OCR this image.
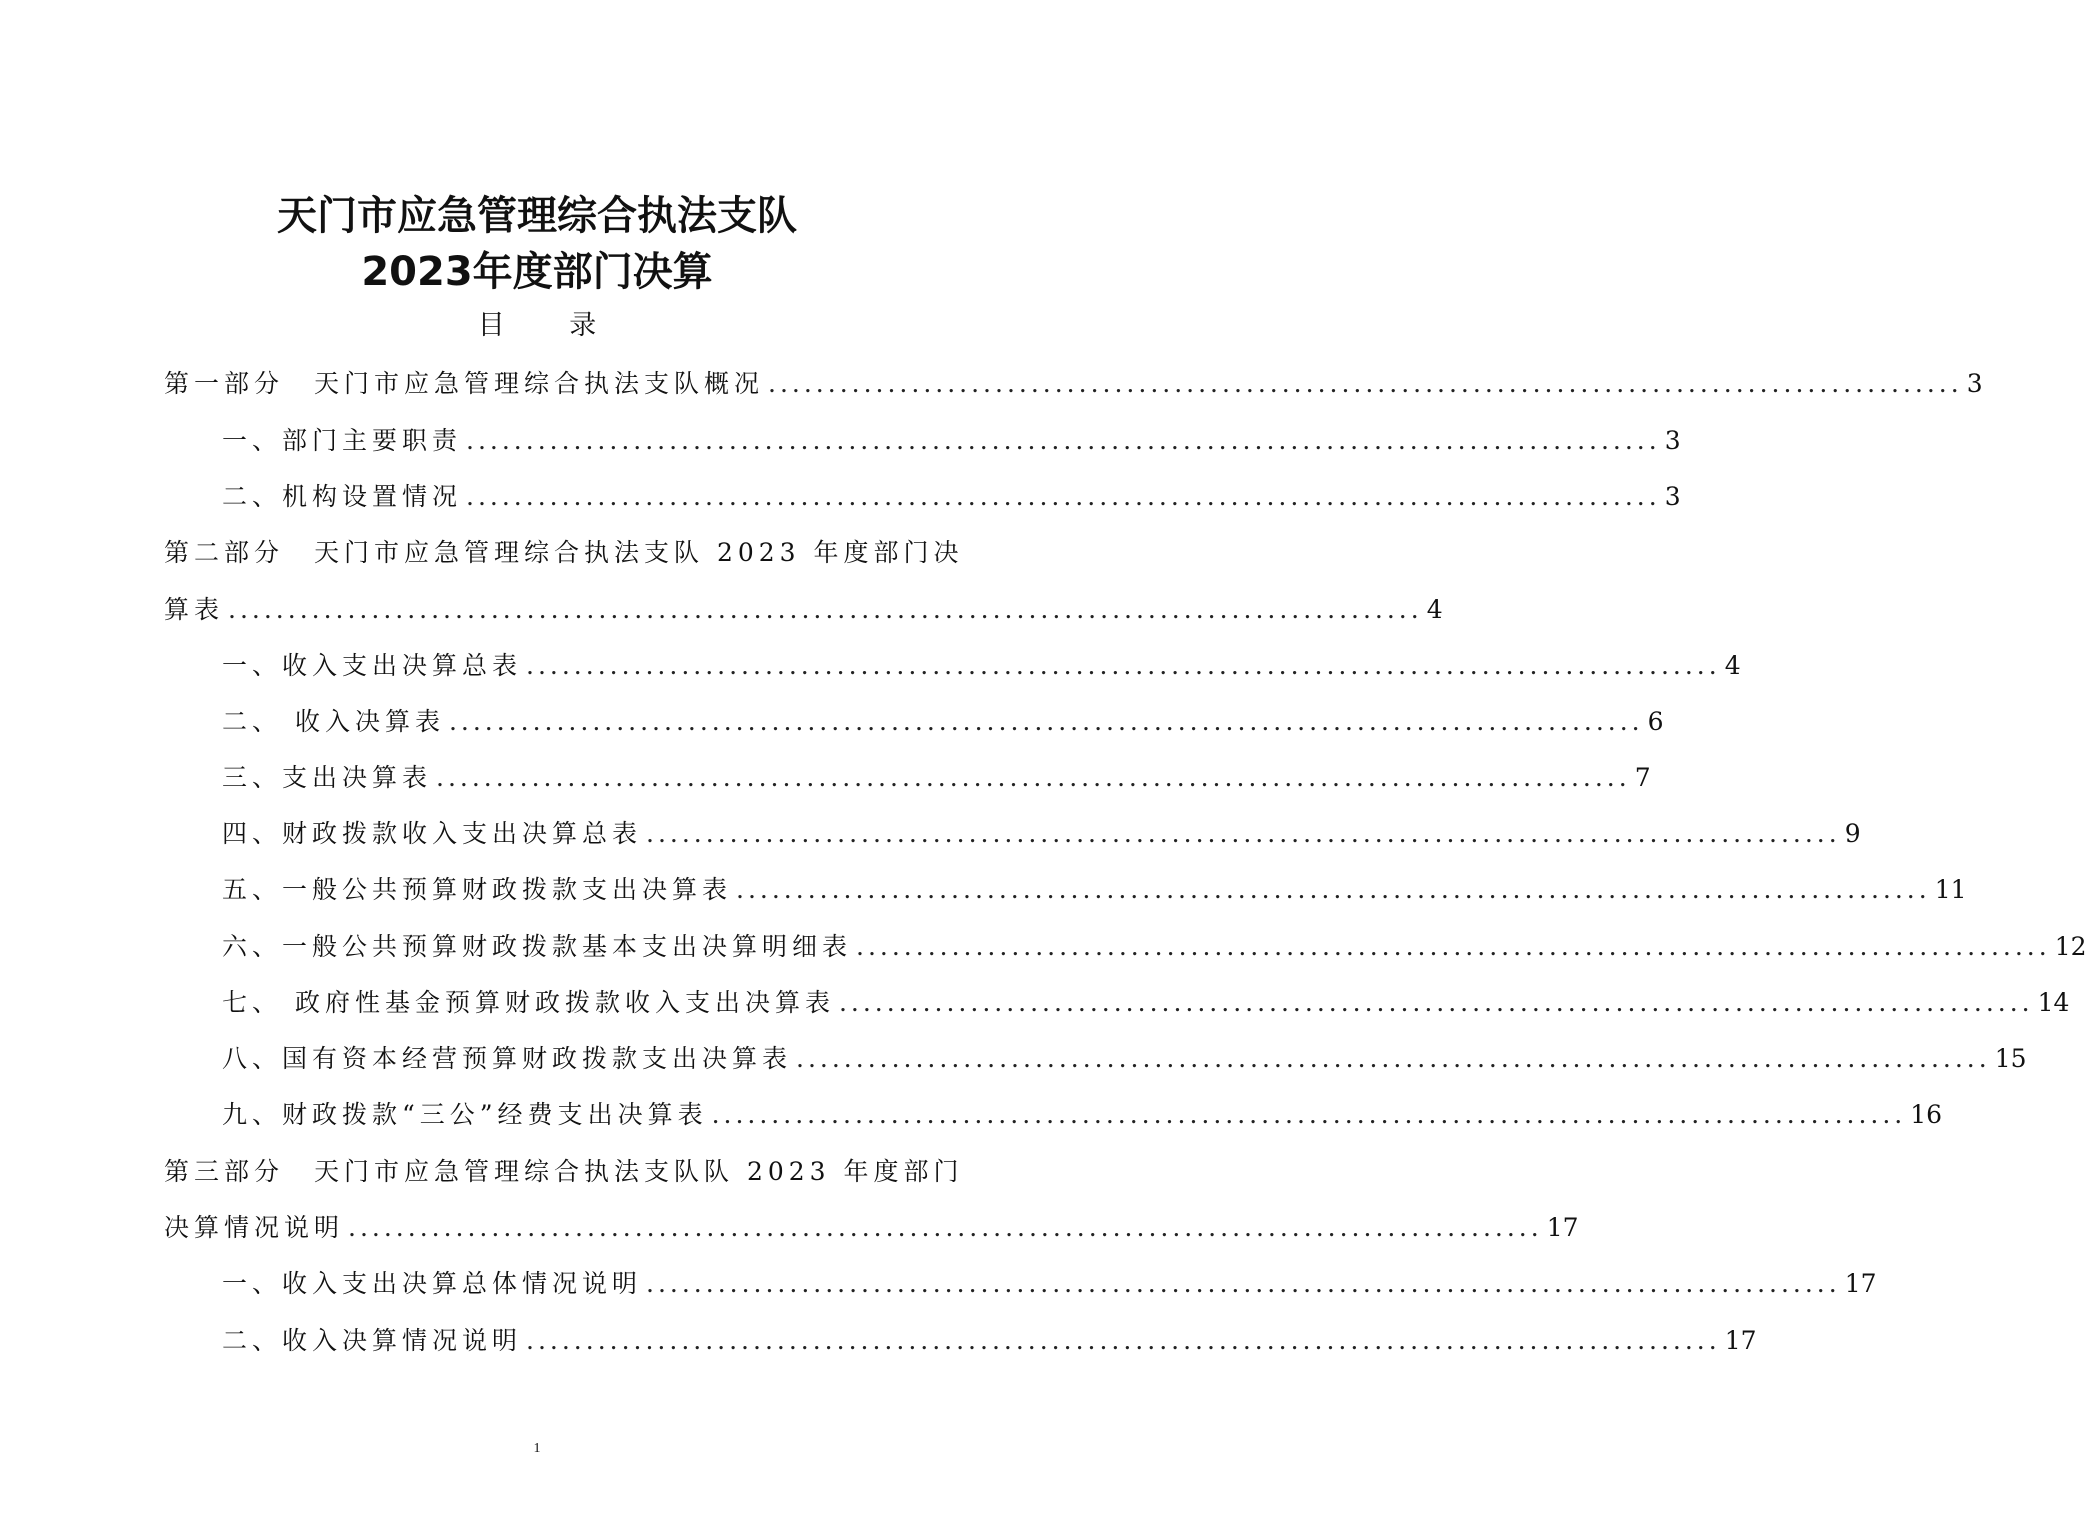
天门市应急管理综合执法支队
2023年度部门决算
目 录
第一部分　天门市应急管理综合执法支队概况 .................................................................................................... 3
一、部门主要职责 .................................................................................................... 3
二、机构设置情况 .................................................................................................... 3
第二部分　天门市应急管理综合执法支队 2023 年度部门决
算表 .................................................................................................... 4
一、收入支出决算总表 .................................................................................................... 4
二、 收入决算表 .................................................................................................... 6
三、支出决算表 .................................................................................................... 7
四、财政拨款收入支出决算总表 .................................................................................................... 9
五、一般公共预算财政拨款支出决算表 .................................................................................................... 11
六、一般公共预算财政拨款基本支出决算明细表 .................................................................................................... 12
七、 政府性基金预算财政拨款收入支出决算表 .................................................................................................... 14
八、国有资本经营预算财政拨款支出决算表 .................................................................................................... 15
九、财政拨款“三公”经费支出决算表 .................................................................................................... 16
第三部分　天门市应急管理综合执法支队队 2023 年度部门
决算情况说明 .................................................................................................... 17
一、收入支出决算总体情况说明 .................................................................................................... 17
二、收入决算情况说明 .................................................................................................... 17
1
